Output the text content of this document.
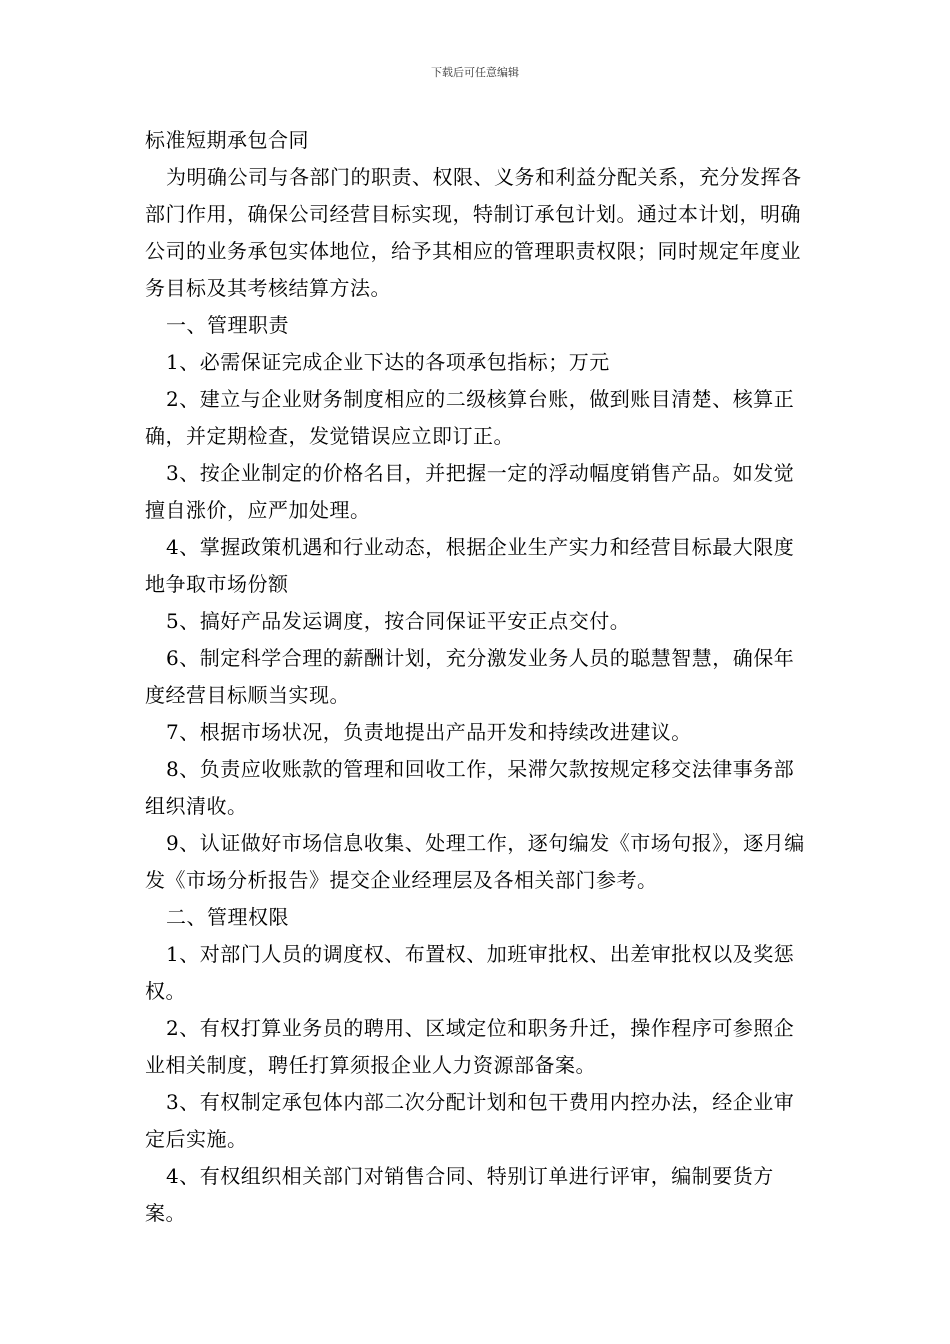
下载后可任意编辑

标准短期承包合同

为明确公司与各部门的职责、权限、义务和利益分配关系，充分发挥各部门作用，确保公司经营目标实现，特制订承包计划。通过本计划，明确公司的业务承包实体地位，给予其相应的管理职责权限；同时规定年度业务目标及其考核结算方法。

一、管理职责

1、必需保证完成企业下达的各项承包指标；万元

2、建立与企业财务制度相应的二级核算台账，做到账目清楚、核算正确，并定期检查，发觉错误应立即订正。

3、按企业制定的价格名目，并把握一定的浮动幅度销售产品。如发觉擅自涨价，应严加处理。

4、掌握政策机遇和行业动态，根据企业生产实力和经营目标最大限度地争取市场份额

5、搞好产品发运调度，按合同保证平安正点交付。

6、制定科学合理的薪酬计划，充分激发业务人员的聪慧智慧，确保年度经营目标顺当实现。

7、根据市场状况，负责地提出产品开发和持续改进建议。

8、负责应收账款的管理和回收工作，呆滞欠款按规定移交法律事务部组织清收。

9、认证做好市场信息收集、处理工作，逐句编发《市场句报》，逐月编发《市场分析报告》提交企业经理层及各相关部门参考。

二、管理权限

1、对部门人员的调度权、布置权、加班审批权、出差审批权以及奖惩权。

2、有权打算业务员的聘用、区域定位和职务升迁，操作程序可参照企业相关制度，聘任打算须报企业人力资源部备案。

3、有权制定承包体内部二次分配计划和包干费用内控办法，经企业审定后实施。

4、有权组织相关部门对销售合同、特别订单进行评审，编制要货方案。
